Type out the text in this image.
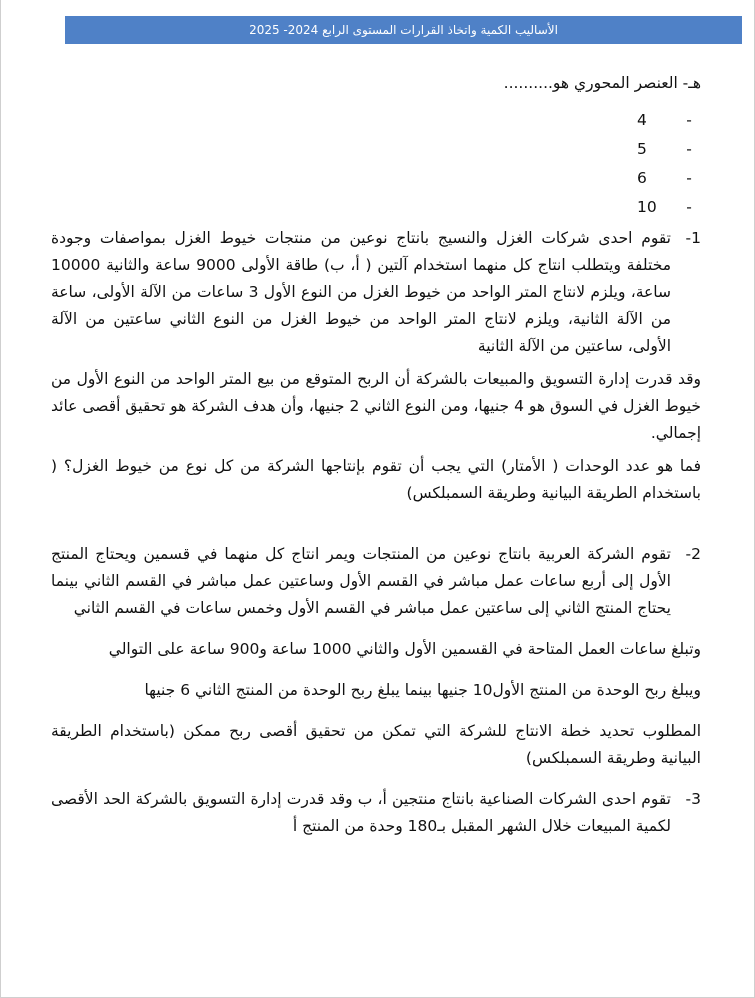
الأساليب الكمية واتخاذ القرارات المستوى الرابع 2024- 2025

هـ- العنصر المحوري هو..........

-4
-5
-6
-10
1-
تقوم احدى شركات الغزل والنسيج بانتاج نوعين من منتجات خيوط الغزل بمواصفات وجودة مختلفة ويتطلب انتاج كل منهما استخدام آلتين ( أ، ب) طاقة الأولى 9000 ساعة والثانية 10000 ساعة، ويلزم لانتاج المتر الواحد من خيوط الغزل من النوع الأول 3 ساعات من الآلة الأولى، ساعة من الآلة الثانية، ويلزم لانتاج المتر الواحد من خيوط الغزل من النوع الثاني ساعتين من الآلة الأولى، ساعتين من الآلة الثانية

وقد قدرت إدارة التسويق والمبيعات بالشركة أن الربح المتوقع من بيع المتر الواحد من النوع الأول من خيوط الغزل في السوق هو 4 جنيها، ومن النوع الثاني 2 جنيها، وأن هدف الشركة هو تحقيق أقصى عائد إجمالي.

فما هو عدد الوحدات ( الأمتار) التي يجب أن تقوم بإنتاجها الشركة من كل نوع من خيوط الغزل؟ ( باستخدام الطريقة البيانية وطريقة السمبلكس)

2-
تقوم الشركة العربية بانتاج نوعين من المنتجات ويمر انتاج كل منهما في قسمين ويحتاج المنتج الأول إلى أربع ساعات عمل مباشر في القسم الأول وساعتين عمل مباشر في القسم الثاني بينما يحتاج المنتج الثاني إلى ساعتين عمل مباشر في القسم الأول وخمس ساعات في القسم الثاني

وتبلغ ساعات العمل المتاحة في القسمين الأول والثاني 1000 ساعة و900 ساعة على التوالي

ويبلغ ربح الوحدة من المنتج الأول10 جنيها بينما يبلغ ربح الوحدة من المنتج الثاني 6 جنيها

المطلوب تحديد خطة الانتاج للشركة التي تمكن من تحقيق أقصى ربح ممكن (باستخدام الطريقة البيانية وطريقة السمبلكس)

3-
تقوم احدى الشركات الصناعية بانتاج منتجين أ، ب وقد قدرت إدارة التسويق بالشركة الحد الأقصى لكمية المبيعات خلال الشهر المقبل بـ180 وحدة من المنتج أ
